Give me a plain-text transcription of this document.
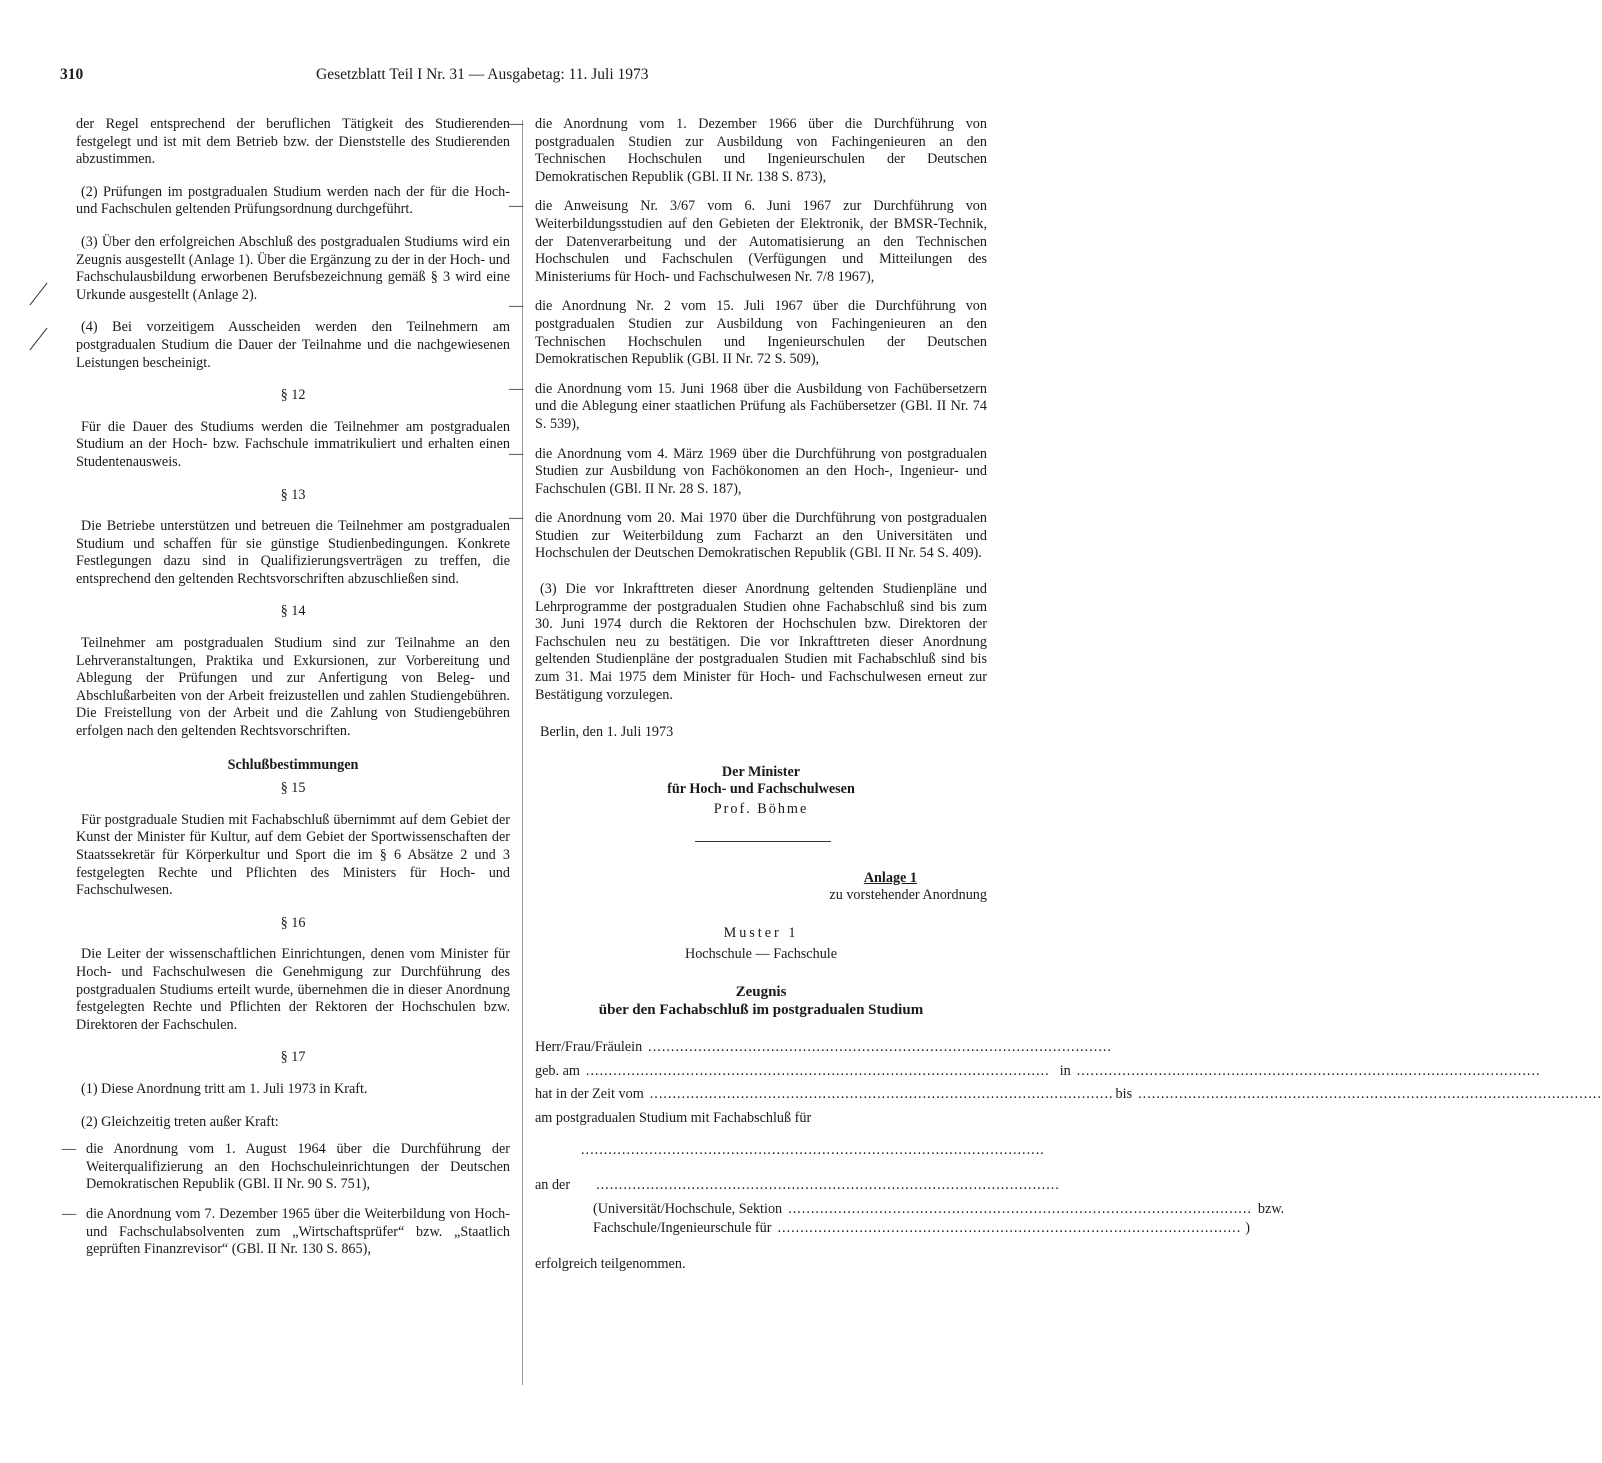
310	Gesetzblatt Teil I Nr. 31 — Ausgabetag: 11. Juli 1973

der Regel entsprechend der beruflichen Tätigkeit des Studierenden festgelegt und ist mit dem Betrieb bzw. der Dienststelle des Studierenden abzustimmen.

(2) Prüfungen im postgradualen Studium werden nach der für die Hoch- und Fachschulen geltenden Prüfungsordnung durchgeführt.

(3) Über den erfolgreichen Abschluß des postgradualen Studiums wird ein Zeugnis ausgestellt (Anlage 1). Über die Ergänzung zu der in der Hoch- und Fachschulausbildung erworbenen Berufsbezeichnung gemäß § 3 wird eine Urkunde ausgestellt (Anlage 2).

(4) Bei vorzeitigem Ausscheiden werden den Teilnehmern am postgradualen Studium die Dauer der Teilnahme und die nachgewiesenen Leistungen bescheinigt.

§ 12

Für die Dauer des Studiums werden die Teilnehmer am postgradualen Studium an der Hoch- bzw. Fachschule immatrikuliert und erhalten einen Studentenausweis.

§ 13

Die Betriebe unterstützen und betreuen die Teilnehmer am postgradualen Studium und schaffen für sie günstige Studienbedingungen. Konkrete Festlegungen dazu sind in Qualifizierungsverträgen zu treffen, die entsprechend den geltenden Rechtsvorschriften abzuschließen sind.

§ 14

Teilnehmer am postgradualen Studium sind zur Teilnahme an den Lehrveranstaltungen, Praktika und Exkursionen, zur Vorbereitung und Ablegung der Prüfungen und zur Anfertigung von Beleg- und Abschlußarbeiten von der Arbeit freizustellen und zahlen Studiengebühren. Die Freistellung von der Arbeit und die Zahlung von Studiengebühren erfolgen nach den geltenden Rechtsvorschriften.

Schlußbestimmungen
§ 15

Für postgraduale Studien mit Fachabschluß übernimmt auf dem Gebiet der Kunst der Minister für Kultur, auf dem Gebiet der Sportwissenschaften der Staatssekretär für Körperkultur und Sport die im § 6 Absätze 2 und 3 festgelegten Rechte und Pflichten des Ministers für Hoch- und Fachschulwesen.

§ 16

Die Leiter der wissenschaftlichen Einrichtungen, denen vom Minister für Hoch- und Fachschulwesen die Genehmigung zur Durchführung des postgradualen Studiums erteilt wurde, übernehmen die in dieser Anordnung festgelegten Rechte und Pflichten der Rektoren der Hochschulen bzw. Direktoren der Fachschulen.

§ 17

(1) Diese Anordnung tritt am 1. Juli 1973 in Kraft.

(2) Gleichzeitig treten außer Kraft:

— die Anordnung vom 1. August 1964 über die Durchführung der Weiterqualifizierung an den Hochschuleinrichtungen der Deutschen Demokratischen Republik (GBl. II Nr. 90 S. 751),
— die Anordnung vom 7. Dezember 1965 über die Weiterbildung von Hoch- und Fachschulabsolventen zum „Wirtschaftsprüfer“ bzw. „Staatlich geprüften Finanzrevisor“ (GBl. II Nr. 130 S. 865),
— die Anordnung vom 1. Dezember 1966 über die Durchführung von postgradualen Studien zur Ausbildung von Fachingenieuren an den Technischen Hochschulen und Ingenieurschulen der Deutschen Demokratischen Republik (GBl. II Nr. 138 S. 873),
— die Anweisung Nr. 3/67 vom 6. Juni 1967 zur Durchführung von Weiterbildungsstudien auf den Gebieten der Elektronik, der BMSR-Technik, der Datenverarbeitung und der Automatisierung an den Technischen Hochschulen und Fachschulen (Verfügungen und Mitteilungen des Ministeriums für Hoch- und Fachschulwesen Nr. 7/8 1967),
— die Anordnung Nr. 2 vom 15. Juli 1967 über die Durchführung von postgradualen Studien zur Ausbildung von Fachingenieuren an den Technischen Hochschulen und Ingenieurschulen der Deutschen Demokratischen Republik (GBl. II Nr. 72 S. 509),
— die Anordnung vom 15. Juni 1968 über die Ausbildung von Fachübersetzern und die Ablegung einer staatlichen Prüfung als Fachübersetzer (GBl. II Nr. 74 S. 539),
— die Anordnung vom 4. März 1969 über die Durchführung von postgradualen Studien zur Ausbildung von Fachökonomen an den Hoch-, Ingenieur- und Fachschulen (GBl. II Nr. 28 S. 187),
— die Anordnung vom 20. Mai 1970 über die Durchführung von postgradualen Studien zur Weiterbildung zum Facharzt an den Universitäten und Hochschulen der Deutschen Demokratischen Republik (GBl. II Nr. 54 S. 409).

(3) Die vor Inkrafttreten dieser Anordnung geltenden Studienpläne und Lehrprogramme der postgradualen Studien ohne Fachabschluß sind bis zum 30. Juni 1974 durch die Rektoren der Hochschulen bzw. Direktoren der Fachschulen neu zu bestätigen. Die vor Inkrafttreten dieser Anordnung geltenden Studienpläne der postgradualen Studien mit Fachabschluß sind bis zum 31. Mai 1975 dem Minister für Hoch- und Fachschulwesen erneut zur Bestätigung vorzulegen.

Berlin, den 1. Juli 1973

Der Minister

für Hoch- und Fachschulwesen

Prof. Böhme

Anlage 1

zu vorstehender Anordnung

Muster 1

Hochschule — Fachschule

Zeugnis

über den Fachabschluß im postgradualen Studium

Herr/Frau/Fräulein ......................................................................................................
geb. am ...................................................................................................... in ......................................................................................................
hat in der Zeit vom ...................................................................................................... bis ......................................................................................................
am postgradualen Studium mit Fachabschluß für
......................................................................................................
an der ......................................................................................................
(Universität/Hochschule, Sektion ...................................................................................................... bzw.
Fachschule/Ingenieurschule für ...................................................................................................... )
erfolgreich teilgenommen.
